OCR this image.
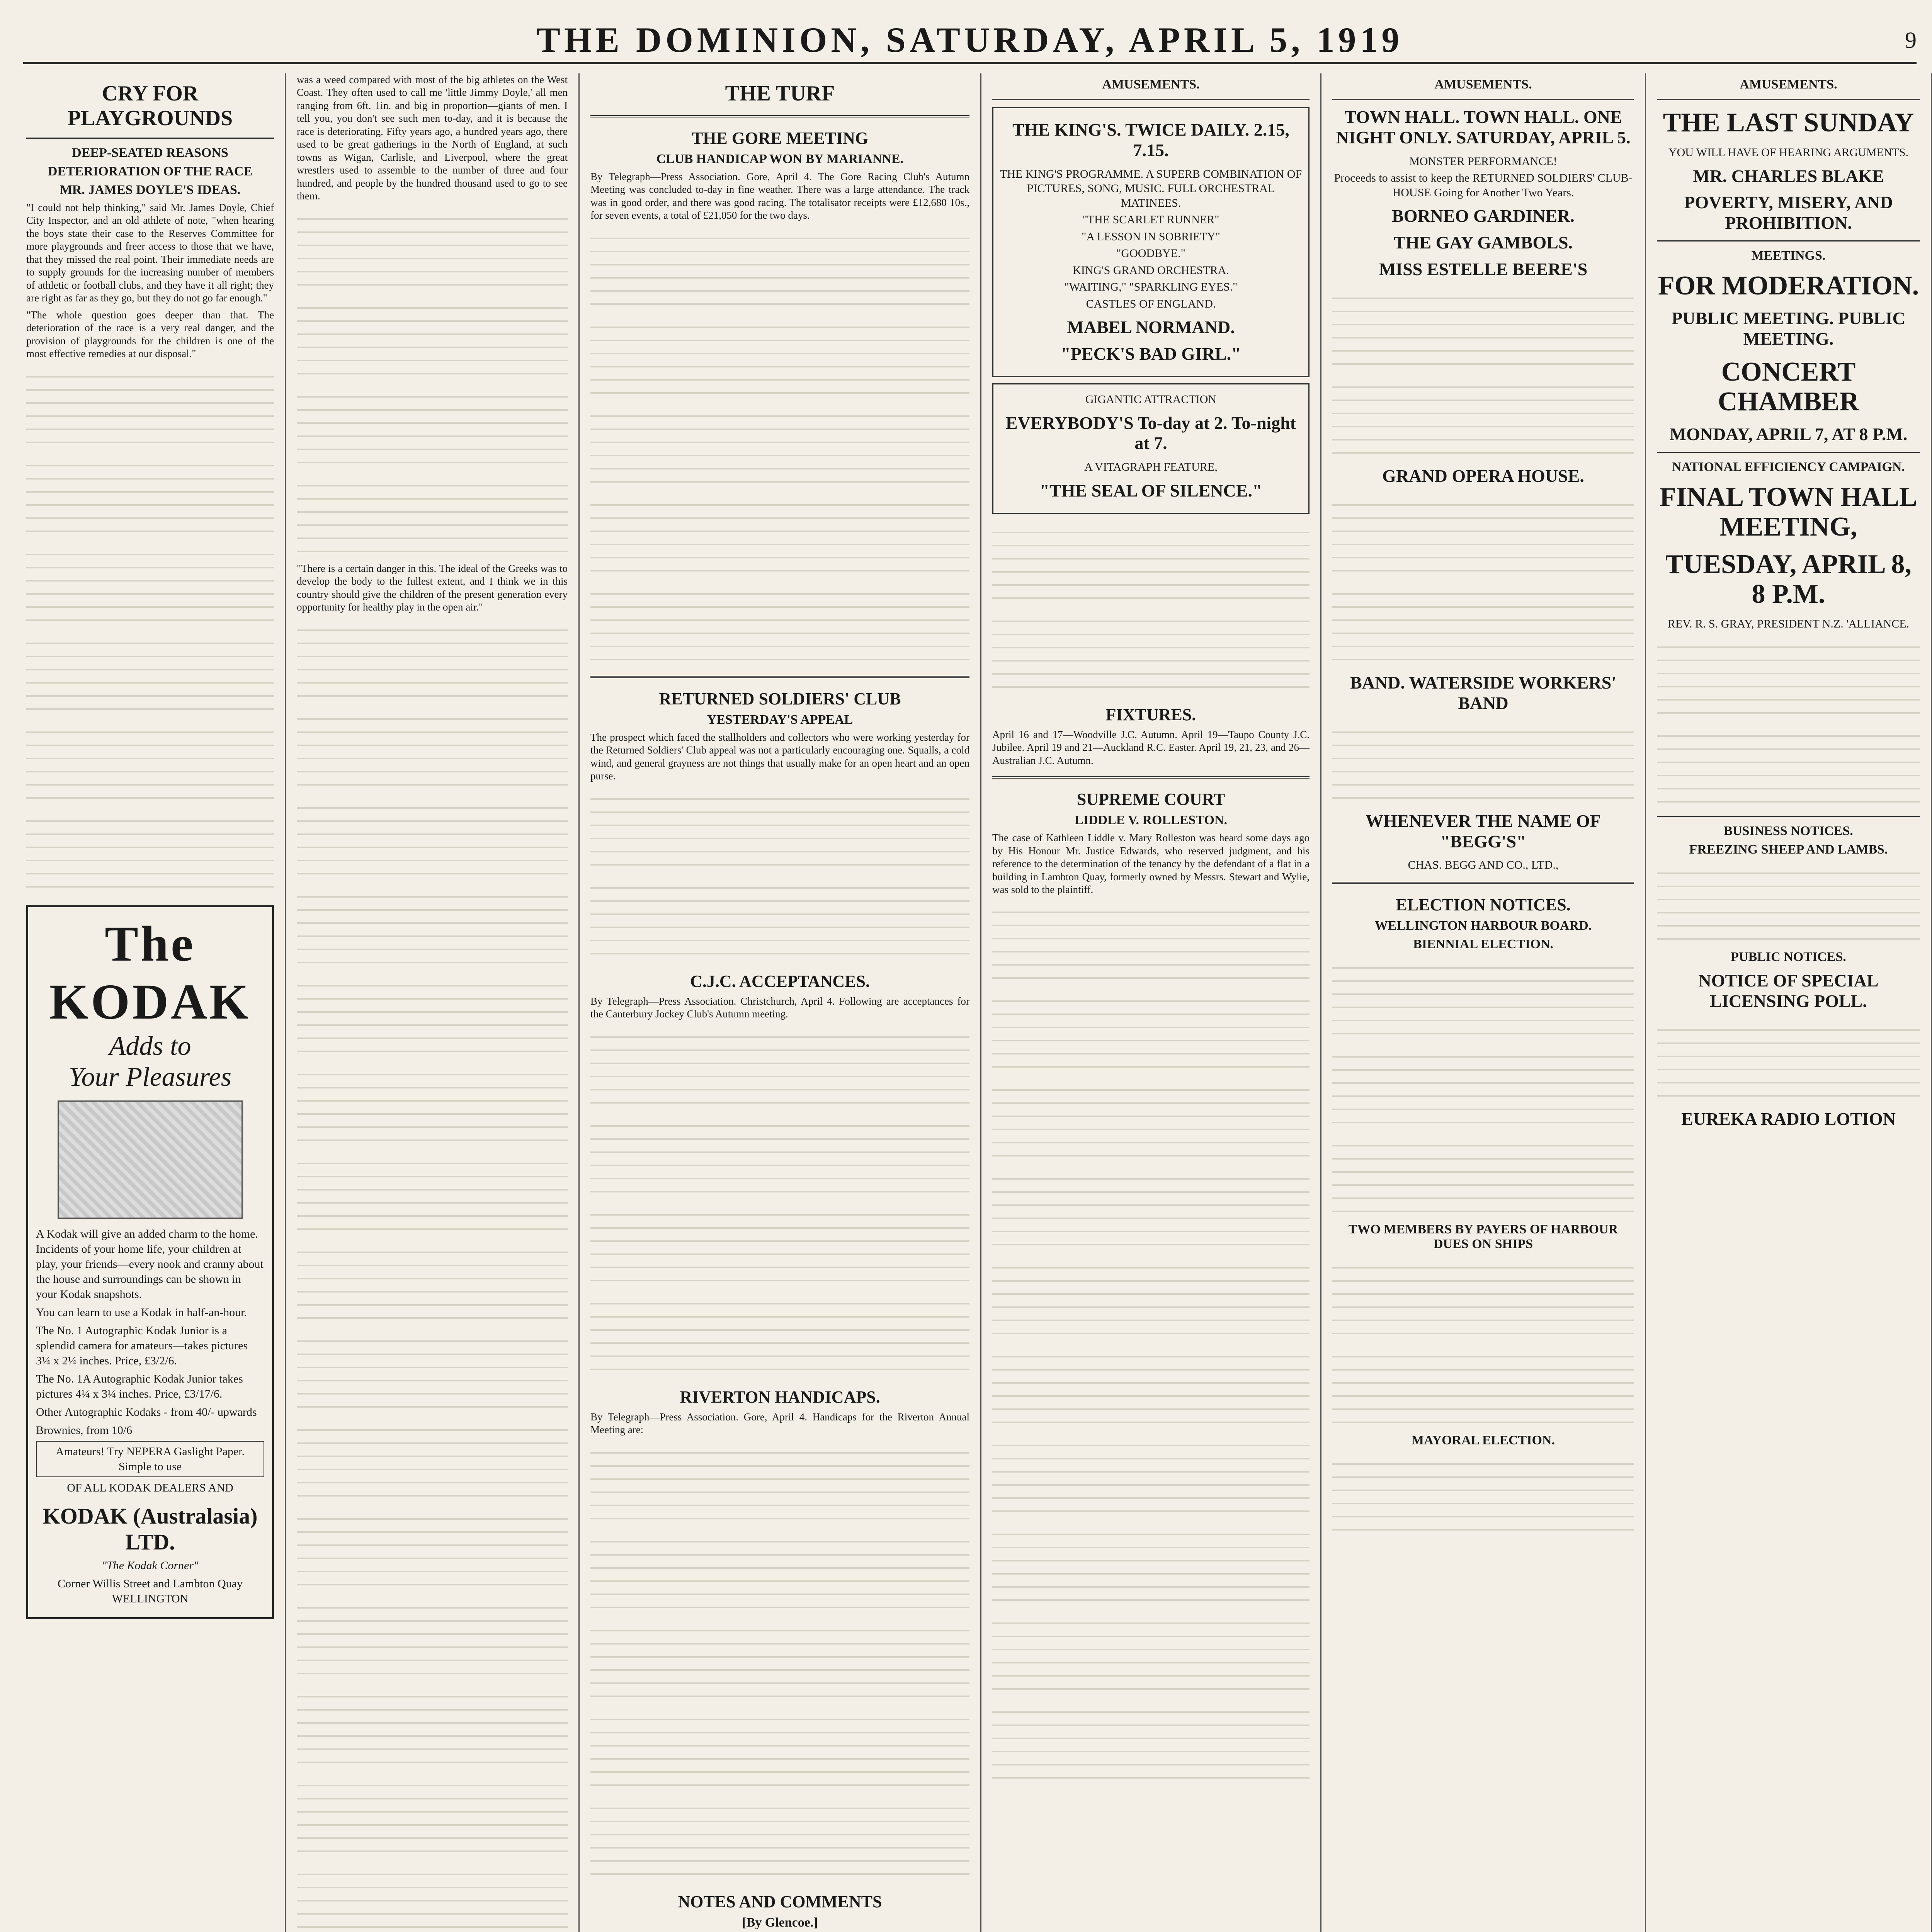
THE DOMINION, SATURDAY, APRIL 5, 1919	9
CRY FOR PLAYGROUNDS
DEEP-SEATED REASONS
DETERIORATION OF THE RACE
MR. JAMES DOYLE'S IDEAS.

"I could not help thinking," said Mr. James Doyle, Chief City Inspector, and an old athlete of note, "when hearing the boys state their case to the Reserves Committee for more playgrounds and freer access to those that we have, that they missed the real point. Their immediate needs are to supply grounds for the increasing number of members of athletic or football clubs, and they have it all right; they are right as far as they go, but they do not go far enough."

"The whole question goes deeper than that. The deterioration of the race is a very real danger, and the provision of playgrounds for the children is one of the most effective remedies at our disposal."

The KODAK
Adds to
Your Pleasures
A Kodak will give an added charm to the home. Incidents of your home life, your children at play, your friends—every nook and cranny about the house and surroundings can be shown in your Kodak snapshots.
You can learn to use a Kodak in half-an-hour.
The No. 1 Autographic Kodak Junior is a splendid camera for amateurs—takes pictures 3¼ x 2¼ inches. Price, £3/2/6.
The No. 1A Autographic Kodak Junior takes pictures 4¼ x 3¼ inches. Price, £3/17/6.
Other Autographic Kodaks - from 40/- upwards
Brownies, from 10/6
Amateurs! Try NEPERA Gaslight Paper. Simple to use
OF ALL KODAK DEALERS AND
KODAK (Australasia) LTD.
"The Kodak Corner"
Corner Willis Street and Lambton Quay WELLINGTON

was a weed compared with most of the big athletes on the West Coast. They often used to call me 'little Jimmy Doyle,' all men ranging from 6ft. 1in. and big in proportion—giants of men. I tell you, you don't see such men to-day, and it is because the race is deteriorating. Fifty years ago, a hundred years ago, there used to be great gatherings in the North of England, at such towns as Wigan, Carlisle, and Liverpool, where the great wrestlers used to assemble to the number of three and four hundred, and people by the hundred thousand used to go to see them.

"There is a certain danger in this. The ideal of the Greeks was to develop the body to the fullest extent, and I think we in this country should give the children of the present generation every opportunity for healthy play in the open air."

THE TURF
THE GORE MEETING
CLUB HANDICAP WON BY MARIANNE.

By Telegraph—Press Association. Gore, April 4. The Gore Racing Club's Autumn Meeting was concluded to-day in fine weather. There was a large attendance. The track was in good order, and there was good racing. The totalisator receipts were £12,680 10s., for seven events, a total of £21,050 for the two days.

RETURNED SOLDIERS' CLUB
YESTERDAY'S APPEAL

The prospect which faced the stallholders and collectors who were working yesterday for the Returned Soldiers' Club appeal was not a particularly encouraging one. Squalls, a cold wind, and general grayness are not things that usually make for an open heart and an open purse.

C.J.C. ACCEPTANCES.

By Telegraph—Press Association. Christchurch, April 4. Following are acceptances for the Canterbury Jockey Club's Autumn meeting.

RIVERTON HANDICAPS.

By Telegraph—Press Association. Gore, April 4. Handicaps for the Riverton Annual Meeting are:

NOTES AND COMMENTS
[By Glencoe.]

AMUSEMENTS.
THE KING'S. TWICE DAILY. 2.15, 7.15.
THE KING'S PROGRAMME. A SUPERB COMBINATION OF PICTURES, SONG, MUSIC. FULL ORCHESTRAL MATINEES.
"THE SCARLET RUNNER"
"A LESSON IN SOBRIETY"
"GOODBYE."
KING'S GRAND ORCHESTRA.
"WAITING," "SPARKLING EYES."
CASTLES OF ENGLAND.
MABEL NORMAND.
"PECK'S BAD GIRL."
GIGANTIC ATTRACTION
EVERYBODY'S To-day at 2. To-night at 7.
A VITAGRAPH FEATURE,
"THE SEAL OF SILENCE."
FIXTURES.

April 16 and 17—Woodville J.C. Autumn. April 19—Taupo County J.C. Jubilee. April 19 and 21—Auckland R.C. Easter. April 19, 21, 23, and 26—Australian J.C. Autumn.

SUPREME COURT
LIDDLE V. ROLLESTON.

The case of Kathleen Liddle v. Mary Rolleston was heard some days ago by His Honour Mr. Justice Edwards, who reserved judgment, and his reference to the determination of the tenancy by the defendant of a flat in a building in Lambton Quay, formerly owned by Messrs. Stewart and Wylie, was sold to the plaintiff.

AMUSEMENTS.
TOWN HALL. TOWN HALL. ONE NIGHT ONLY. SATURDAY, APRIL 5.
MONSTER PERFORMANCE!
Proceeds to assist to keep the RETURNED SOLDIERS' CLUB-HOUSE Going for Another Two Years.
BORNEO GARDINER.
THE GAY GAMBOLS.
MISS ESTELLE BEERE'S
GRAND OPERA HOUSE.
BAND. WATERSIDE WORKERS' BAND
WHENEVER THE NAME OF "BEGG'S"
CHAS. BEGG AND CO., LTD.,
ELECTION NOTICES.
WELLINGTON HARBOUR BOARD.
BIENNIAL ELECTION.
TWO MEMBERS BY PAYERS OF HARBOUR DUES ON SHIPS
MAYORAL ELECTION.
AMUSEMENTS.
THE LAST SUNDAY
YOU WILL HAVE OF HEARING ARGUMENTS.
MR. CHARLES BLAKE
POVERTY, MISERY, AND PROHIBITION.
MEETINGS.
FOR MODERATION.
PUBLIC MEETING. PUBLIC MEETING.
CONCERT CHAMBER
MONDAY, APRIL 7, AT 8 P.M.
NATIONAL EFFICIENCY CAMPAIGN.
FINAL TOWN HALL MEETING,
TUESDAY, APRIL 8, 8 P.M.
REV. R. S. GRAY, PRESIDENT N.Z. 'ALLIANCE.
BUSINESS NOTICES.
FREEZING SHEEP AND LAMBS.
PUBLIC NOTICES.
NOTICE OF SPECIAL LICENSING POLL.
EUREKA RADIO LOTION
